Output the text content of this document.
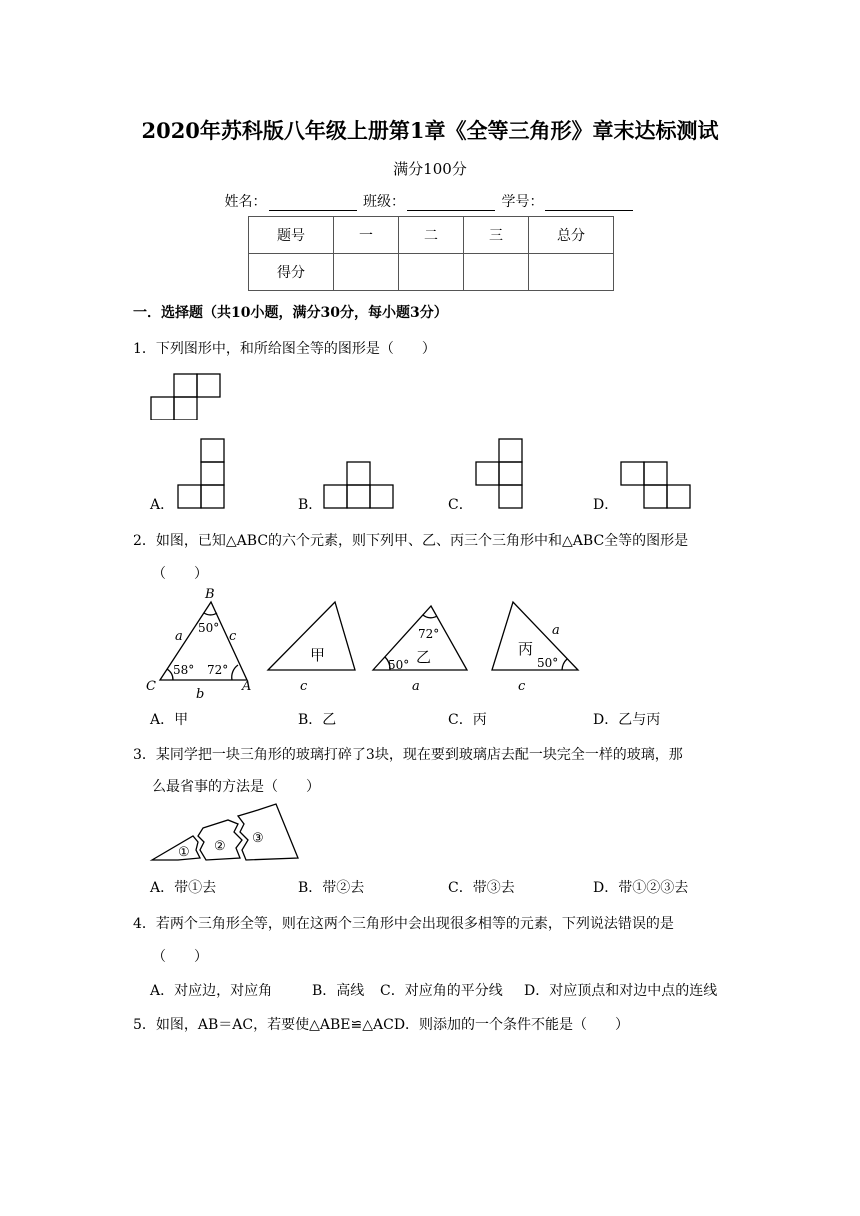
2020年苏科版八年级上册第1章《全等三角形》章末达标测试
满分100分
姓名：	班级：	学号：
题号	一	二	三	总分
得分				
一．选择题（共10小题，满分30分，每小题3分）
1．下列图形中，和所给图全等的图形是（　　）
A．	B．	C．	D．
2．如图，已知△ABC的六个元素，则下列甲、乙、丙三个三角形中和△ABC全等的图形是
（　　）
B
C	A
a	c
b
c	a
a
c
50°
58° 72°
72°
50°	50°
甲	乙	丙
A．甲	B．乙	C．丙	D．乙与丙
3．某同学把一块三角形的玻璃打碎了3块，现在要到玻璃店去配一块完全一样的玻璃，那
么最省事的方法是（　　）
① ②
③
A．带①去	B．带②去	C．带③去	D．带①②③去
4．若两个三角形全等，则在这两个三角形中会出现很多相等的元素，下列说法错误的是
（　　）
A．对应边，对应角	B．高线 C．对应角的平分线 D．对应顶点和对边中点的连线
5．如图，AB＝AC，若要使△ABE≌△ACD．则添加的一个条件不能是（　　）
